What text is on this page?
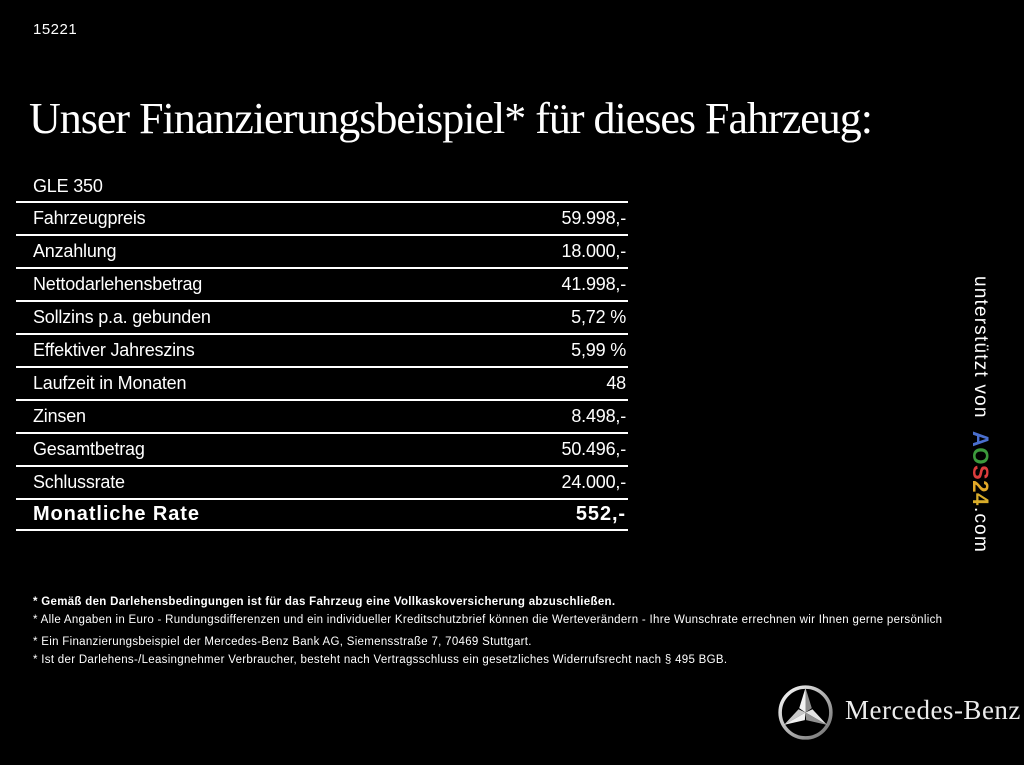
15221
Unser Finanzierungsbeispiel* für dieses Fahrzeug:
GLE 350
Fahrzeugpreis	59.998,-
Anzahlung	18.000,-
Nettodarlehensbetrag	41.998,-
Sollzins p.a. gebunden	5,72 %
Effektiver Jahreszins	5,99 %
Laufzeit in Monaten	48
Zinsen	8.498,-
Gesamtbetrag	50.496,-
Schlussrate	24.000,-
Monatliche Rate	552,-
unterstützt vonAOS24.com
* Gemäß den Darlehensbedingungen ist für das Fahrzeug eine Vollkaskoversicherung abzuschließen.
* Alle Angaben in Euro - Rundungsdifferenzen und ein individueller Kreditschutzbrief können die Werteverändern - Ihre Wunschrate errechnen wir Ihnen gerne persönlich
* Ein Finanzierungsbeispiel der Mercedes-Benz Bank AG, Siemensstraße 7, 70469 Stuttgart.
* Ist der Darlehens-/Leasingnehmer Verbraucher, besteht nach Vertragsschluss ein gesetzliches Widerrufsrecht nach § 495 BGB.
Mercedes-Benz
